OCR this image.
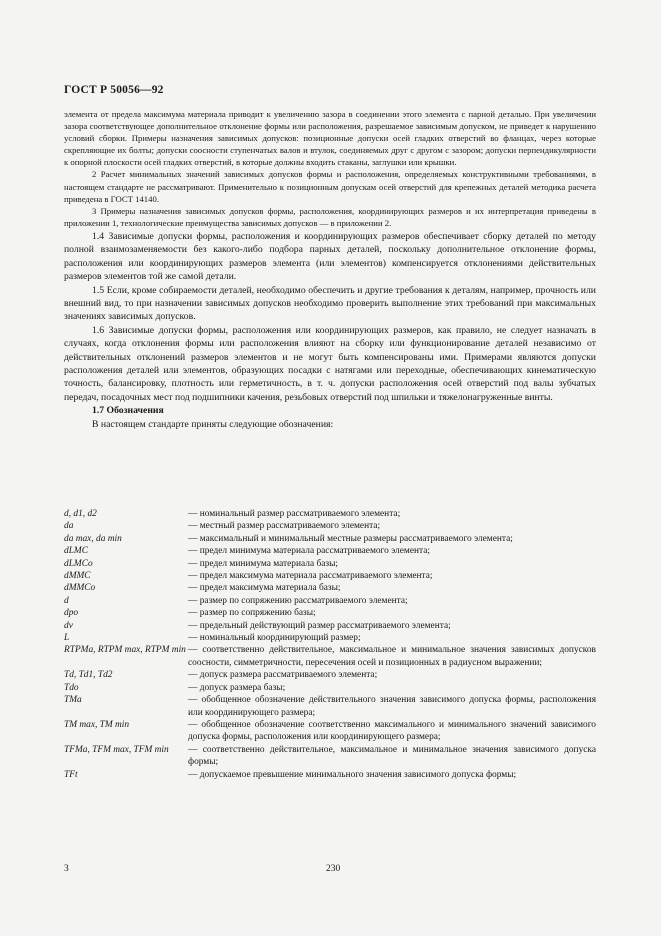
ГОСТ Р 50056—92

элемента от предела максимума материала приводит к увеличению зазора в соединении этого элемента с парной деталью. При увеличении зазора соответствующее дополнительное отклонение формы или расположения, разрешаемое зависимым допуском, не приведет к нарушению условий сборки. Примеры назначения зависимых допусков: позиционные допуски осей гладких отверстий во фланцах, через которые скрепляющие их болты; допуски соосности ступенчатых валов и втулок, соединяемых друг с другом с зазором; допуски перпендикулярности к опорной плоскости осей гладких отверстий, в которые должны входить стаканы, заглушки или крышки.

2 Расчет минимальных значений зависимых допусков формы и расположения, определяемых конструктивными требованиями, в настоящем стандарте не рассматривают. Применительно к позиционным допускам осей отверстий для крепежных деталей методика расчета приведена в ГОСТ 14140.

3 Примеры назначения зависимых допусков формы, расположения, координирующих размеров и их интерпретация приведены в приложении 1, технологические преимущества зависимых допусков — в приложении 2.

1.4 Зависимые допуски формы, расположения и координирующих размеров обеспечивает сборку деталей по методу полной взаимозаменяемости без какого-либо подбора парных деталей, поскольку дополнительное отклонение формы, расположения или координирующих размеров элемента (или элементов) компенсируется отклонениями действительных размеров элементов той же самой детали.

1.5 Если, кроме собираемости деталей, необходимо обеспечить и другие требования к деталям, например, прочность или внешний вид, то при назначении зависимых допусков необходимо проверить выполнение этих требований при максимальных значениях зависимых допусков.

1.6 Зависимые допуски формы, расположения или координирующих размеров, как правило, не следует назначать в случаях, когда отклонения формы или расположения влияют на сборку или функционирование деталей независимо от действительных отклонений размеров элементов и не могут быть компенсированы ими. Примерами являются допуски расположения деталей или элементов, образующих посадки с натягами или переходные, обеспечивающих кинематическую точность, балансировку, плотность или герметичность, в т. ч. допуски расположения осей отверстий под валы зубчатых передач, посадочных мест под подшипники качения, резьбовых отверстий под шпильки и тяжелонагруженные винты.

1.7 Обозначения

В настоящем стандарте приняты следующие обозначения:

d, d1, d2	— номинальный размер рассматриваемого элемента;
da	— местный размер рассматриваемого элемента;
da max, da min	— максимальный и минимальный местные размеры рассматриваемого элемента;
dLMC	— предел минимума материала рассматриваемого элемента;
dLMCo	— предел минимума материала базы;
dMMC	— предел максимума материала рассматриваемого элемента;
dMMCo	— предел максимума материала базы;
d	— размер по сопряжению рассматриваемого элемента;
dpo	— размер по сопряжению базы;
dv	— предельный действующий размер рассматриваемого элемента;
L	— номинальный координирующий размер;
RTPMa, RTPM max, RTPM min — соответственно действительное, максимальное и минимальное значения зависимых допусков соосности, симметричности, пересечения осей и позиционных в радиусном выражении;
Td, Td1, Td2	— допуск размера рассматриваемого элемента;
Tdo	— допуск размера базы;
TMa	— обобщенное обозначение действительного значения зависимого допуска формы, расположения или координирующего размера;
TM max, TM min	— обобщенное обозначение соответственно максимального и минимального значений зависимого допуска формы, расположения или координирующего размера;
TFMa, TFM max, TFM min	— соответственно действительное, максимальное и минимальное значения зависимого допуска формы;
TFt	— допускаемое превышение минимального значения зависимого допуска формы;
3	230
